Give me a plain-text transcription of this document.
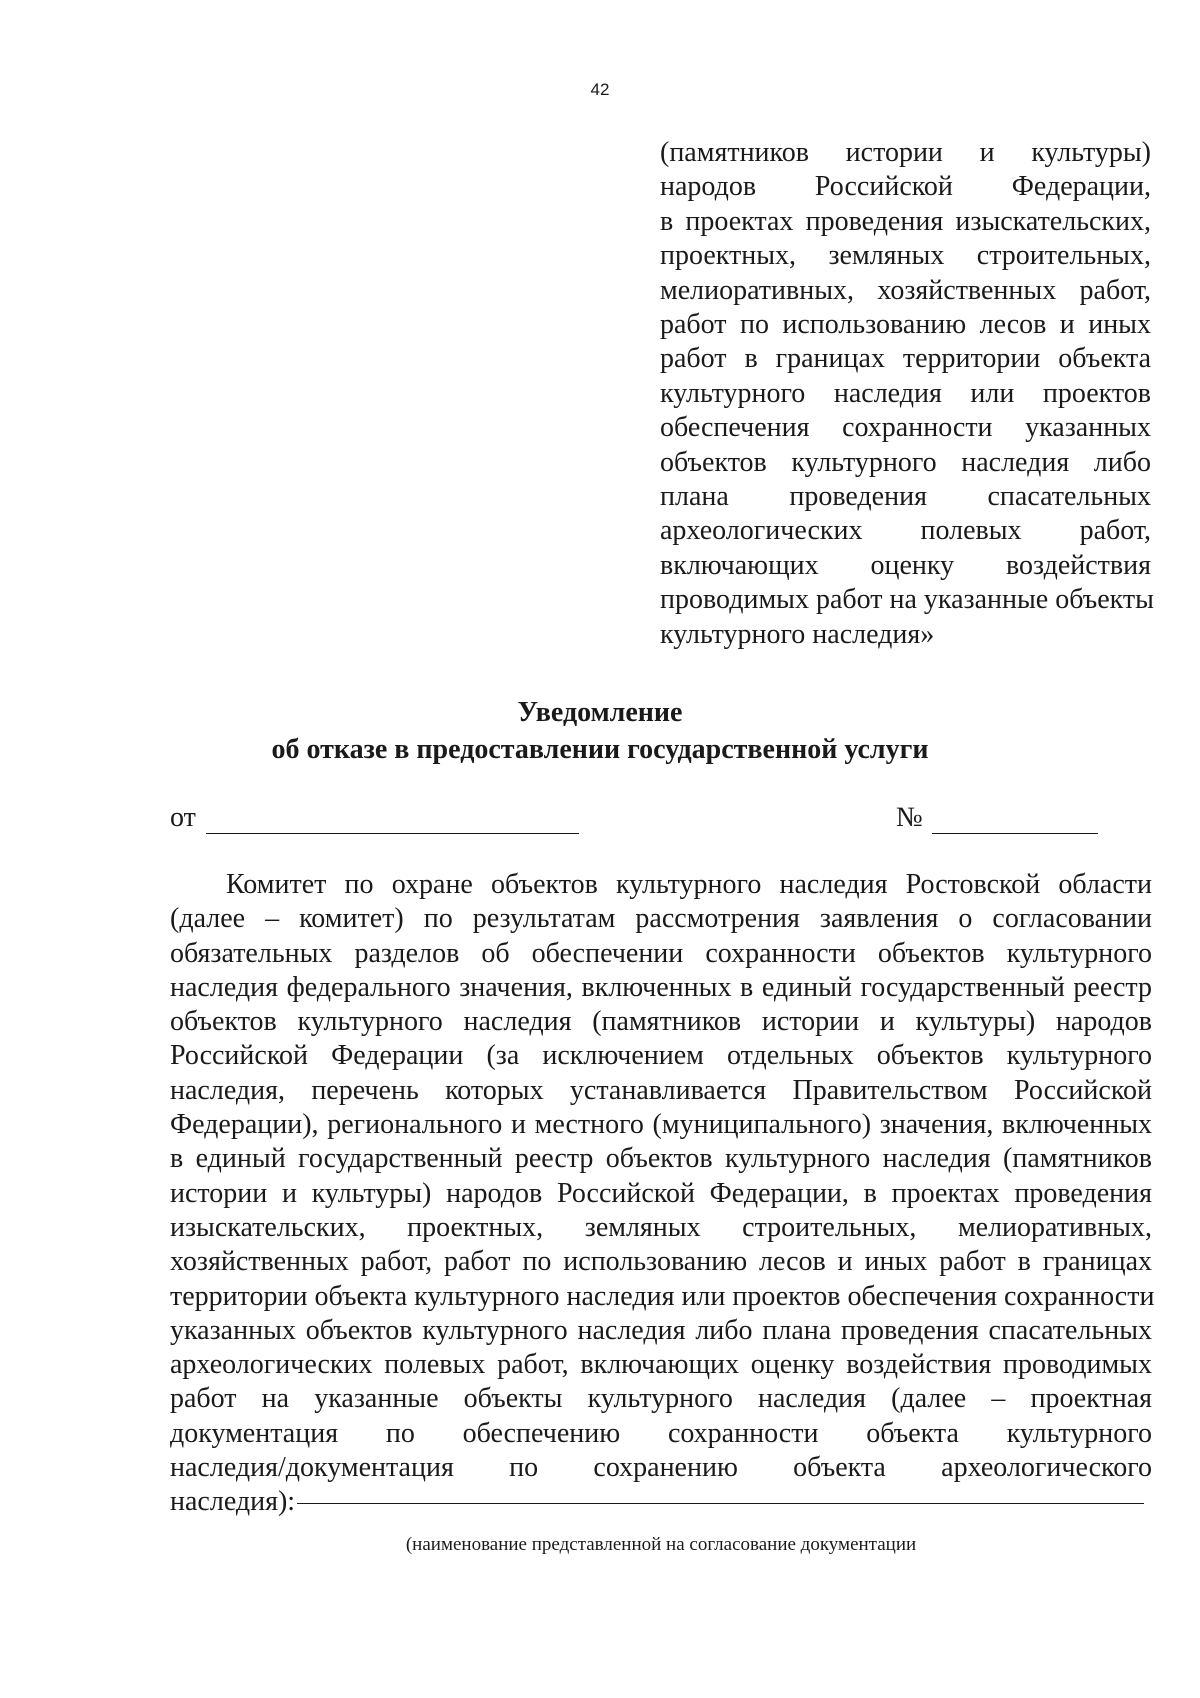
42
(памятников истории и культуры)
народов Российской Федерации,
в проектах проведения изыскательских,
проектных, земляных строительных,
мелиоративных, хозяйственных работ,
работ по использованию лесов и иных
работ в границах территории объекта
культурного наследия или проектов
обеспечения сохранности указанных
объектов культурного наследия либо
плана проведения спасательных
археологических полевых работ,
включающих оценку воздействия
проводимых работ на указанные объекты
культурного наследия»
Уведомление
об отказе в предоставлении государственной услуги
от	№
Комитет по охране объектов культурного наследия Ростовской области
(далее – комитет) по результатам рассмотрения заявления о согласовании
обязательных разделов об обеспечении сохранности объектов культурного
наследия федерального значения, включенных в единый государственный реестр
объектов культурного наследия (памятников истории и культуры) народов
Российской Федерации (за исключением отдельных объектов культурного
наследия, перечень которых устанавливается Правительством Российской
Федерации), регионального и местного (муниципального) значения, включенных
в единый государственный реестр объектов культурного наследия (памятников
истории и культуры) народов Российской Федерации, в проектах проведения
изыскательских, проектных, земляных строительных, мелиоративных,
хозяйственных работ, работ по использованию лесов и иных работ в границах
территории объекта культурного наследия или проектов обеспечения сохранности
указанных объектов культурного наследия либо плана проведения спасательных
археологических полевых работ, включающих оценку воздействия проводимых
работ на указанные объекты культурного наследия (далее – проектная
документация по обеспечению сохранности объекта культурного
наследия/документация по сохранению объекта археологического
наследия):
(наименование представленной на согласование документации
